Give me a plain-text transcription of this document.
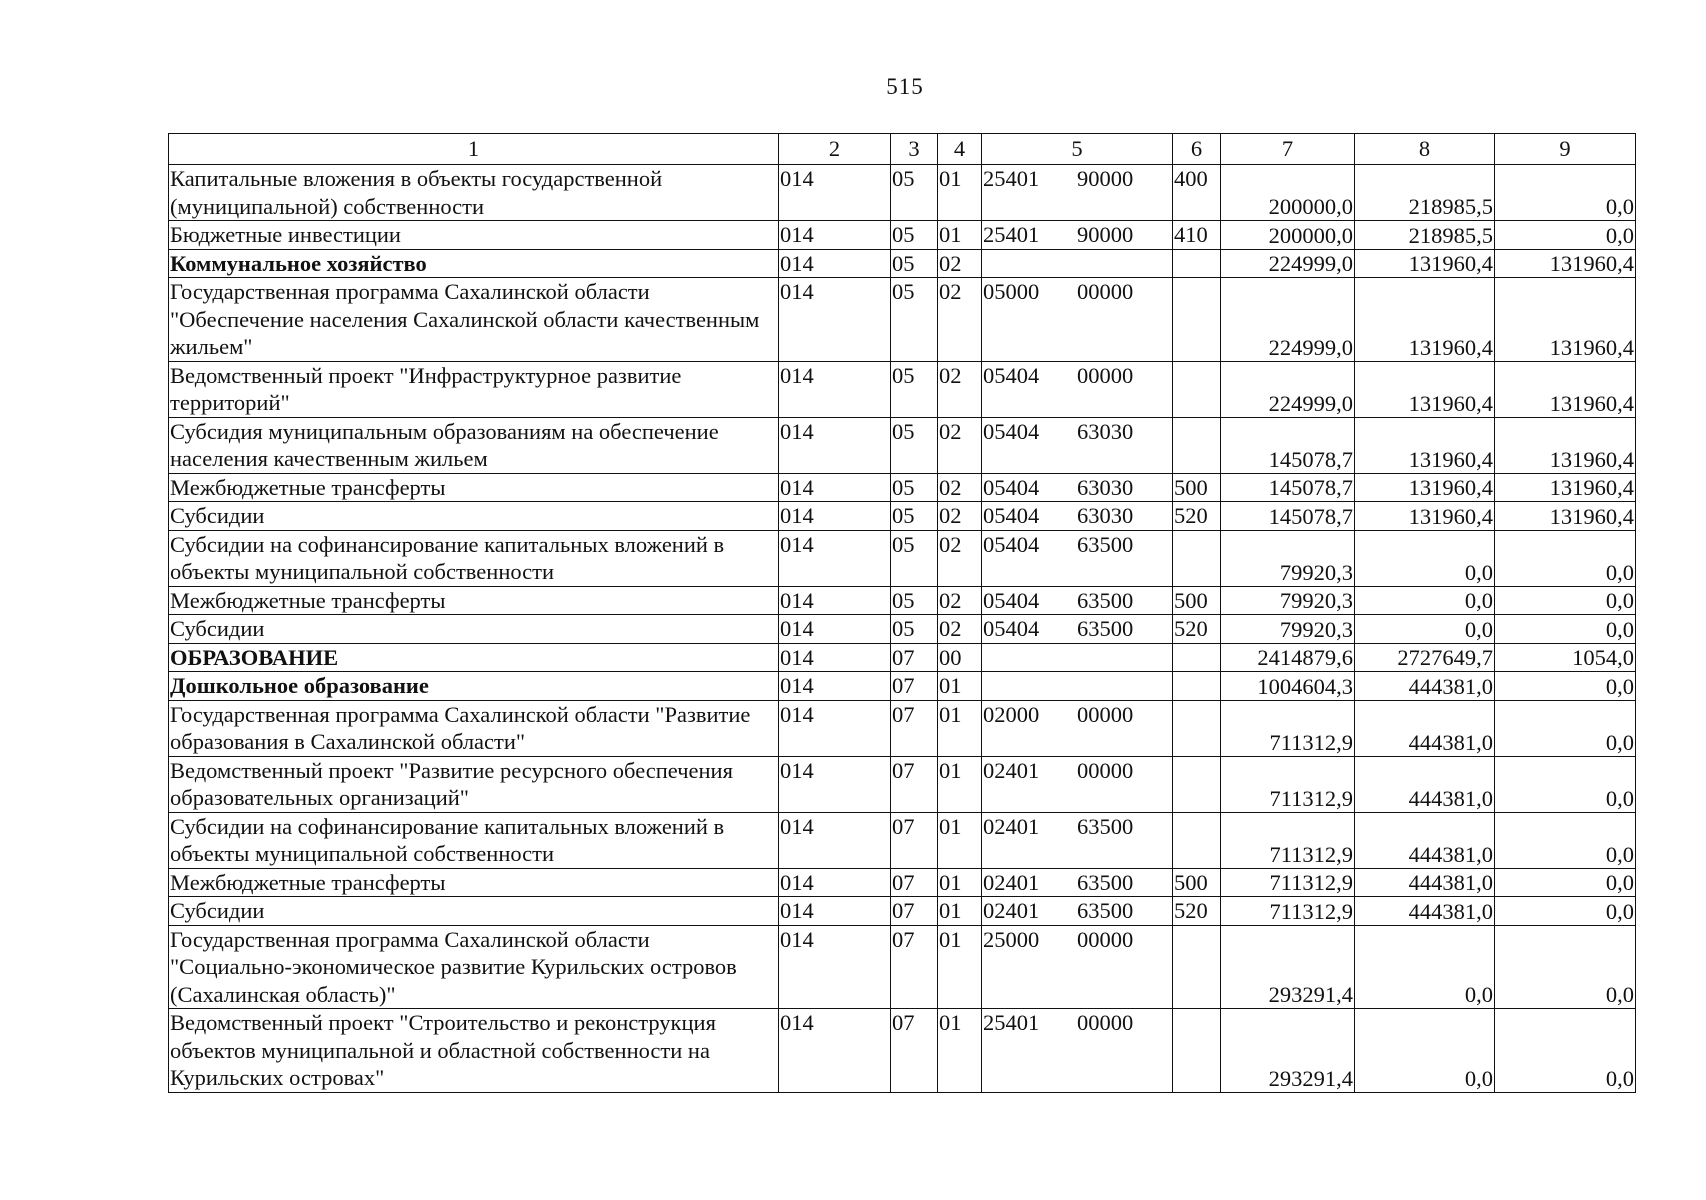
515
1	2	3	4	5	6	7	8	9
Капитальные вложения в объекты государственной (муниципальной) собственности	014	05	01	25401 90000	400	200000,0	218985,5	0,0
Бюджетные инвестиции	014	05	01	25401 90000	410	200000,0	218985,5	0,0
Коммунальное хозяйство	014	05	02			224999,0	131960,4	131960,4
Государственная программа Сахалинской области "Обеспечение населения Сахалинской области качественным жильем"	014	05	02	05000 00000		224999,0	131960,4	131960,4
Ведомственный проект "Инфраструктурное развитие территорий"	014	05	02	05404 00000		224999,0	131960,4	131960,4
Субсидия муниципальным образованиям на обеспечение населения качественным жильем	014	05	02	05404 63030		145078,7	131960,4	131960,4
Межбюджетные трансферты	014	05	02	05404 63030	500	145078,7	131960,4	131960,4
Субсидии	014	05	02	05404 63030	520	145078,7	131960,4	131960,4
Субсидии на софинансирование капитальных вложений в объекты муниципальной собственности	014	05	02	05404 63500		79920,3	0,0	0,0
Межбюджетные трансферты	014	05	02	05404 63500	500	79920,3	0,0	0,0
Субсидии	014	05	02	05404 63500	520	79920,3	0,0	0,0
ОБРАЗОВАНИЕ	014	07	00			2414879,6	2727649,7	1054,0
Дошкольное образование	014	07	01			1004604,3	444381,0	0,0
Государственная программа Сахалинской области "Развитие образования в Сахалинской области"	014	07	01	02000 00000		711312,9	444381,0	0,0
Ведомственный проект "Развитие ресурсного обеспечения образовательных организаций"	014	07	01	02401 00000		711312,9	444381,0	0,0
Субсидии на софинансирование капитальных вложений в объекты муниципальной собственности	014	07	01	02401 63500		711312,9	444381,0	0,0
Межбюджетные трансферты	014	07	01	02401 63500	500	711312,9	444381,0	0,0
Субсидии	014	07	01	02401 63500	520	711312,9	444381,0	0,0
Государственная программа Сахалинской области "Социально-экономическое развитие Курильских островов (Сахалинская область)"	014	07	01	25000 00000		293291,4	0,0	0,0
Ведомственный проект "Строительство и реконструкция объектов муниципальной и областной собственности на Курильских островах"	014	07	01	25401 00000		293291,4	0,0	0,0
